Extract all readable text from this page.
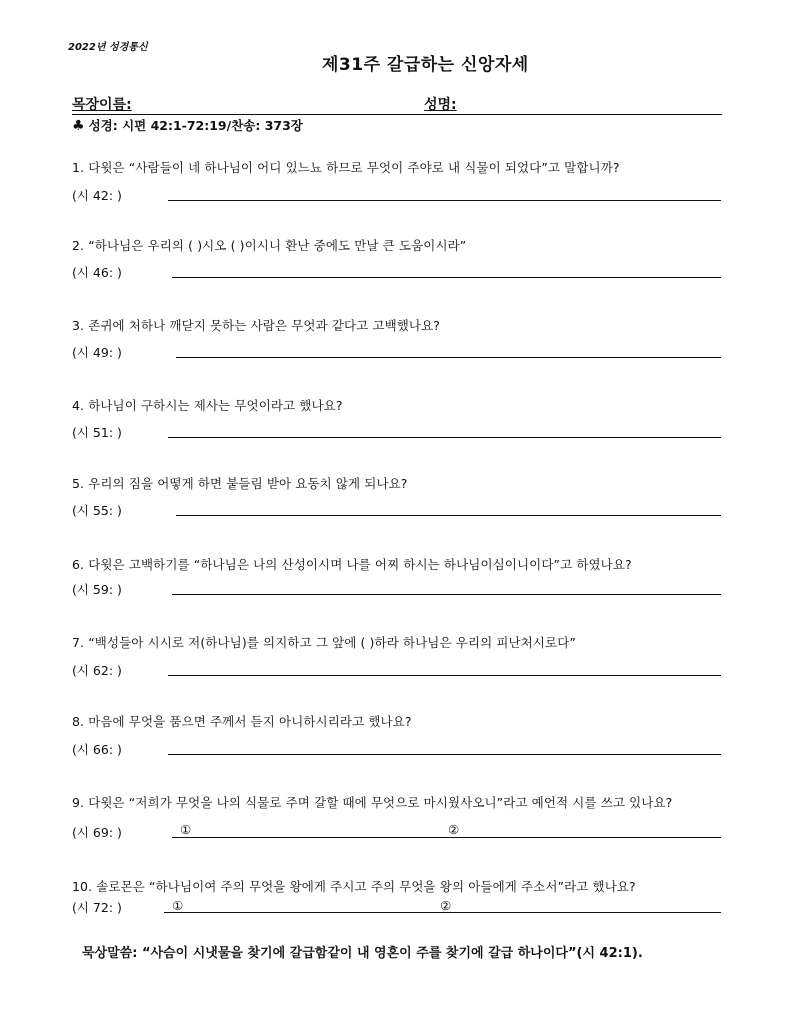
2022년 성경통신
제31주 갈급하는 신앙자세
목장이름:	성명:
♣ 성경: 시편 42:1-72:19/찬송: 373장
1. 다윗은 “사람들이 네 하나님이 어디 있느뇨 하므로 무엇이 주야로 내 식물이 되었다”고 말합니까?
(시 42: )
2. “하나님은 우리의 ( )시오 ( )이시니 환난 중에도 만날 큰 도움이시라”
(시 46: )
3. 존귀에 처하나 깨닫지 못하는 사람은 무엇과 같다고 고백했나요?
(시 49: )
4. 하나님이 구하시는 제사는 무엇이라고 했나요?
(시 51: )
5. 우리의 짐을 어떻게 하면 붙들림 받아 요동치 않게 되나요?
(시 55: )
6. 다윗은 고백하기를 “하나님은 나의 산성이시며 나를 어찌 하시는 하나님이심이니이다”고 하였나요?
(시 59: )
7. “백성들아 시시로 저(하나님)를 의지하고 그 앞에 ( )하라 하나님은 우리의 피난처시로다”
(시 62: )
8. 마음에 무엇을 품으면 주께서 듣지 아니하시리라고 했나요?
(시 66: )
9. 다윗은 “저희가 무엇을 나의 식물로 주며 갈할 때에 무엇으로 마시웠사오니”라고 예언적 시를 쓰고 있나요?
(시 69: )	①	②
10. 솔로몬은 “하나님이여 주의 무엇을 왕에게 주시고 주의 무엇을 왕의 아들에게 주소서”라고 했나요?
(시 72: )	①	②
묵상말씀: “사슴이 시냇물을 찾기에 갈급함같이 내 영혼이 주를 찾기에 갈급 하나이다”(시 42:1).
